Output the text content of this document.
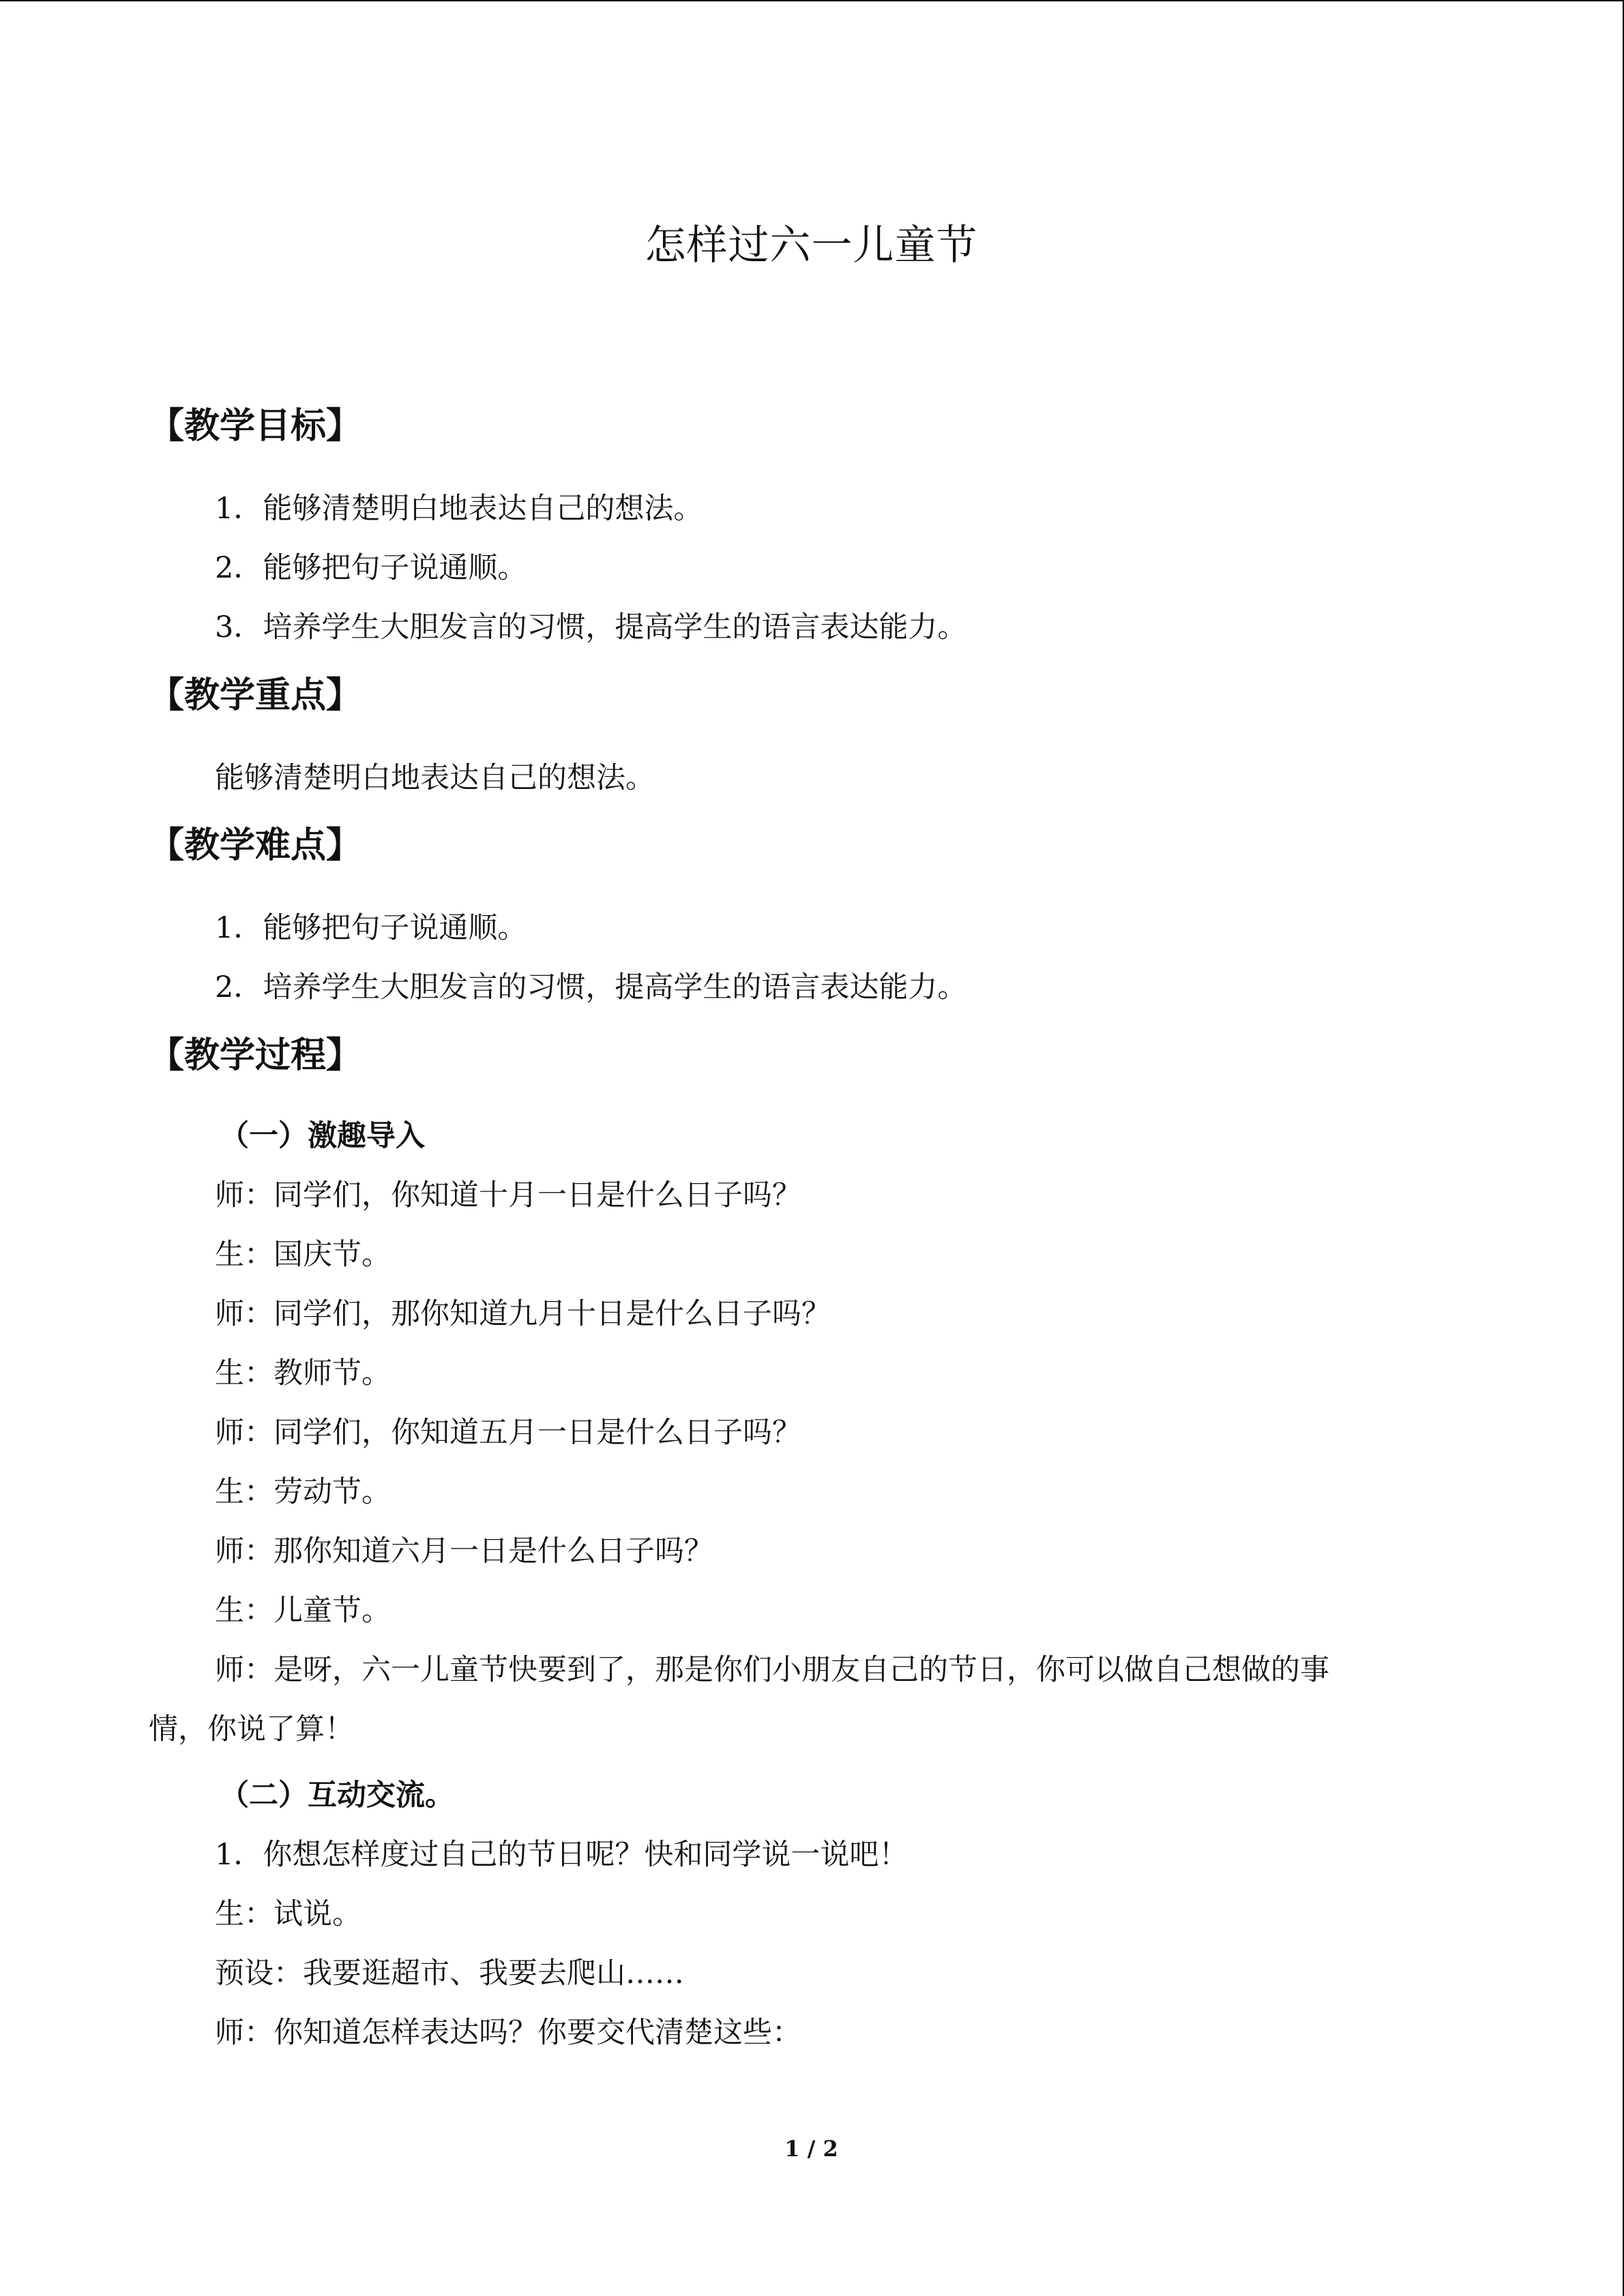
怎样过六一儿童节
【教学目标】
1．能够清楚明白地表达自己的想法。
2．能够把句子说通顺。
3．培养学生大胆发言的习惯，提高学生的语言表达能力。
【教学重点】
能够清楚明白地表达自己的想法。
【教学难点】
1．能够把句子说通顺。
2．培养学生大胆发言的习惯，提高学生的语言表达能力。
【教学过程】
（一）激趣导入
师：同学们，你知道十月一日是什么日子吗？
生：国庆节。
师：同学们，那你知道九月十日是什么日子吗？
生：教师节。
师：同学们，你知道五月一日是什么日子吗？
生：劳动节。
师：那你知道六月一日是什么日子吗？
生：儿童节。
师：是呀，六一儿童节快要到了，那是你们小朋友自己的节日，你可以做自己想做的事
情，你说了算！
（二）互动交流。
1．你想怎样度过自己的节日呢？快和同学说一说吧！
生：试说。
预设：我要逛超市、我要去爬山……
师：你知道怎样表达吗？你要交代清楚这些：
1 / 2
